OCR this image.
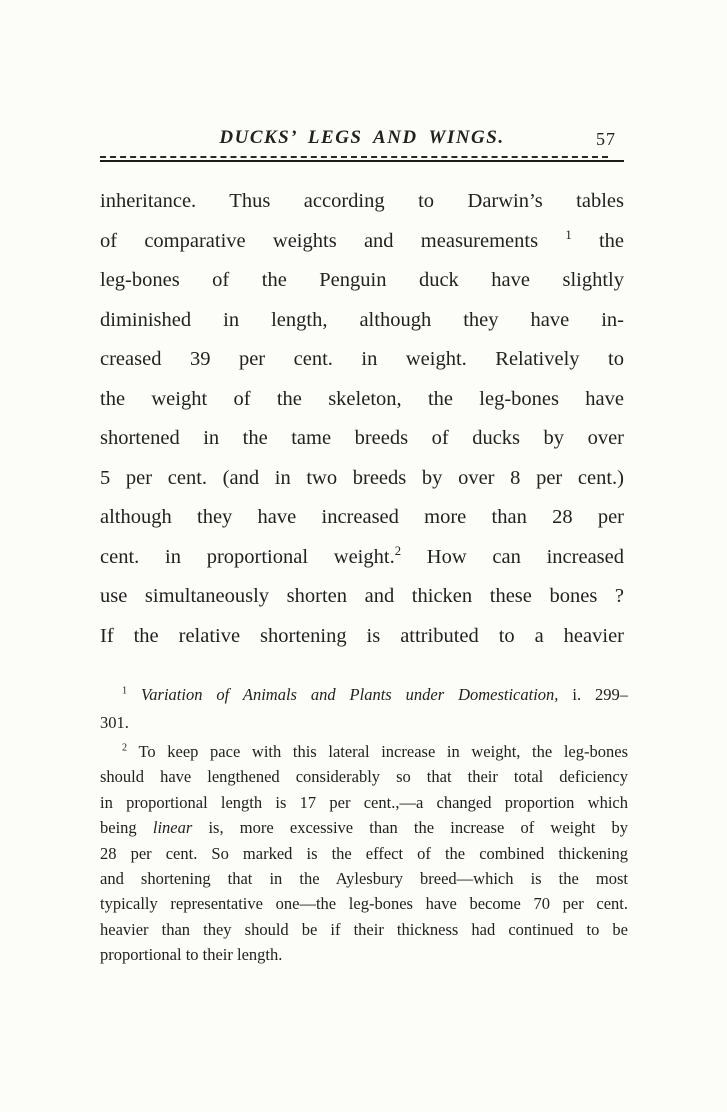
DUCKS’ LEGS AND WINGS.	57
inheritance. Thus according to Darwin’s tables
of comparative weights and measurements $^1$ the
leg-bones of the Penguin duck have slightly
diminished in length, although they have in-
creased 39 per cent. in weight. Relatively to
the weight of the skeleton, the leg-bones have
shortened in the tame breeds of ducks by over
5 per cent. (and in two breeds by over 8 per cent.)
although they have increased more than 28 per
cent. in proportional weight.$^2$ How can increased
use simultaneously shorten and thicken these bones ?
If the relative shortening is attributed to a heavier
$^1$ Variation of Animals and Plants under Domestication, i. 299–
301.
$^2$ To keep pace with this lateral increase in weight, the leg-bones
should have lengthened considerably so that their total deficiency
in proportional length is 17 per cent.,—a changed proportion which
being linear is, more excessive than the increase of weight by
28 per cent. So marked is the effect of the combined thickening
and shortening that in the Aylesbury breed—which is the most
typically representative one—the leg-bones have become 70 per cent.
heavier than they should be if their thickness had continued to be
proportional to their length.
